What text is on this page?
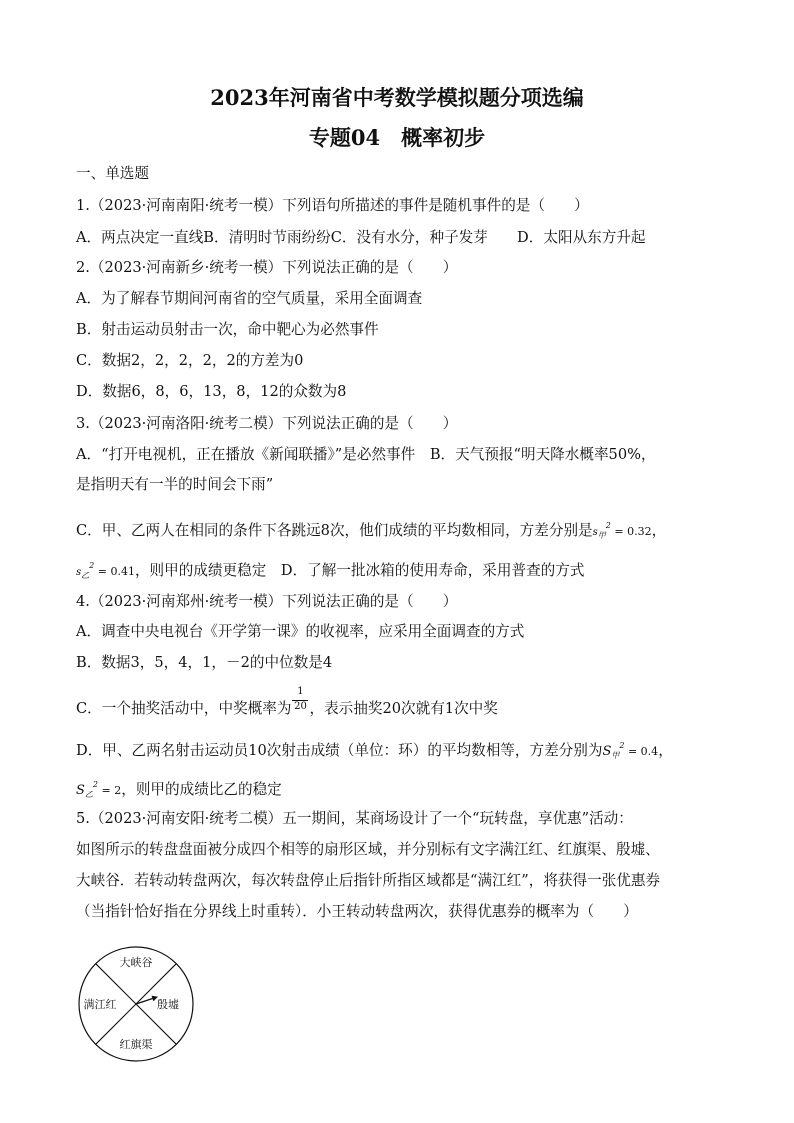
2023年河南省中考数学模拟题分项选编
专题04　概率初步
一、单选题
1.（2023·河南南阳·统考一模）下列语句所描述的事件是随机事件的是（　　）
A．两点决定一直线B．清明时节雨纷纷C．没有水分，种子发芽　　D．太阳从东方升起
2.（2023·河南新乡·统考一模）下列说法正确的是（　　）
A．为了解春节期间河南省的空气质量，采用全面调查
B．射击运动员射击一次，命中靶心为必然事件
C．数据2，2，2，2，2的方差为0
D．数据6，8，6，13，8，12的众数为8
3.（2023·河南洛阳·统考二模）下列说法正确的是（　　）
A．“打开电视机，正在播放《新闻联播》”是必然事件　B．天气预报“明天降水概率50%，
是指明天有一半的时间会下雨”
C．甲、乙两人在相同的条件下各跳远8次，他们成绩的平均数相同，方差分别是$s_甲^2 = 0.32$，
$s_乙^2 = 0.41$，则甲的成绩更稳定　D．了解一批冰箱的使用寿命，采用普查的方式
4.（2023·河南郑州·统考一模）下列说法正确的是（　　）
A．调查中央电视台《开学第一课》的收视率，应采用全面调查的方式
B．数据3，5，4，1，－2的中位数是4
C．一个抽奖活动中，中奖概率为 $\frac{1}{20}$ ，表示抽奖20次就有1次中奖
D．甲、乙两名射击运动员10次射击成绩（单位：环）的平均数相等，方差分别为$S_甲^2 = 0.4$，
$S_乙^2 = 2$，则甲的成绩比乙的稳定
5.（2023·河南安阳·统考二模）五一期间，某商场设计了一个“玩转盘，享优惠”活动：
如图所示的转盘盘面被分成四个相等的扇形区域，并分别标有文字满江红、红旗渠、殷墟、
大峡谷．若转动转盘两次，每次转盘停止后指针所指区域都是“满江红”，将获得一张优惠券
（当指针恰好指在分界线上时重转）．小王转动转盘两次，获得优惠券的概率为（　　）
大峡谷
满江红	殷墟
红旗渠
